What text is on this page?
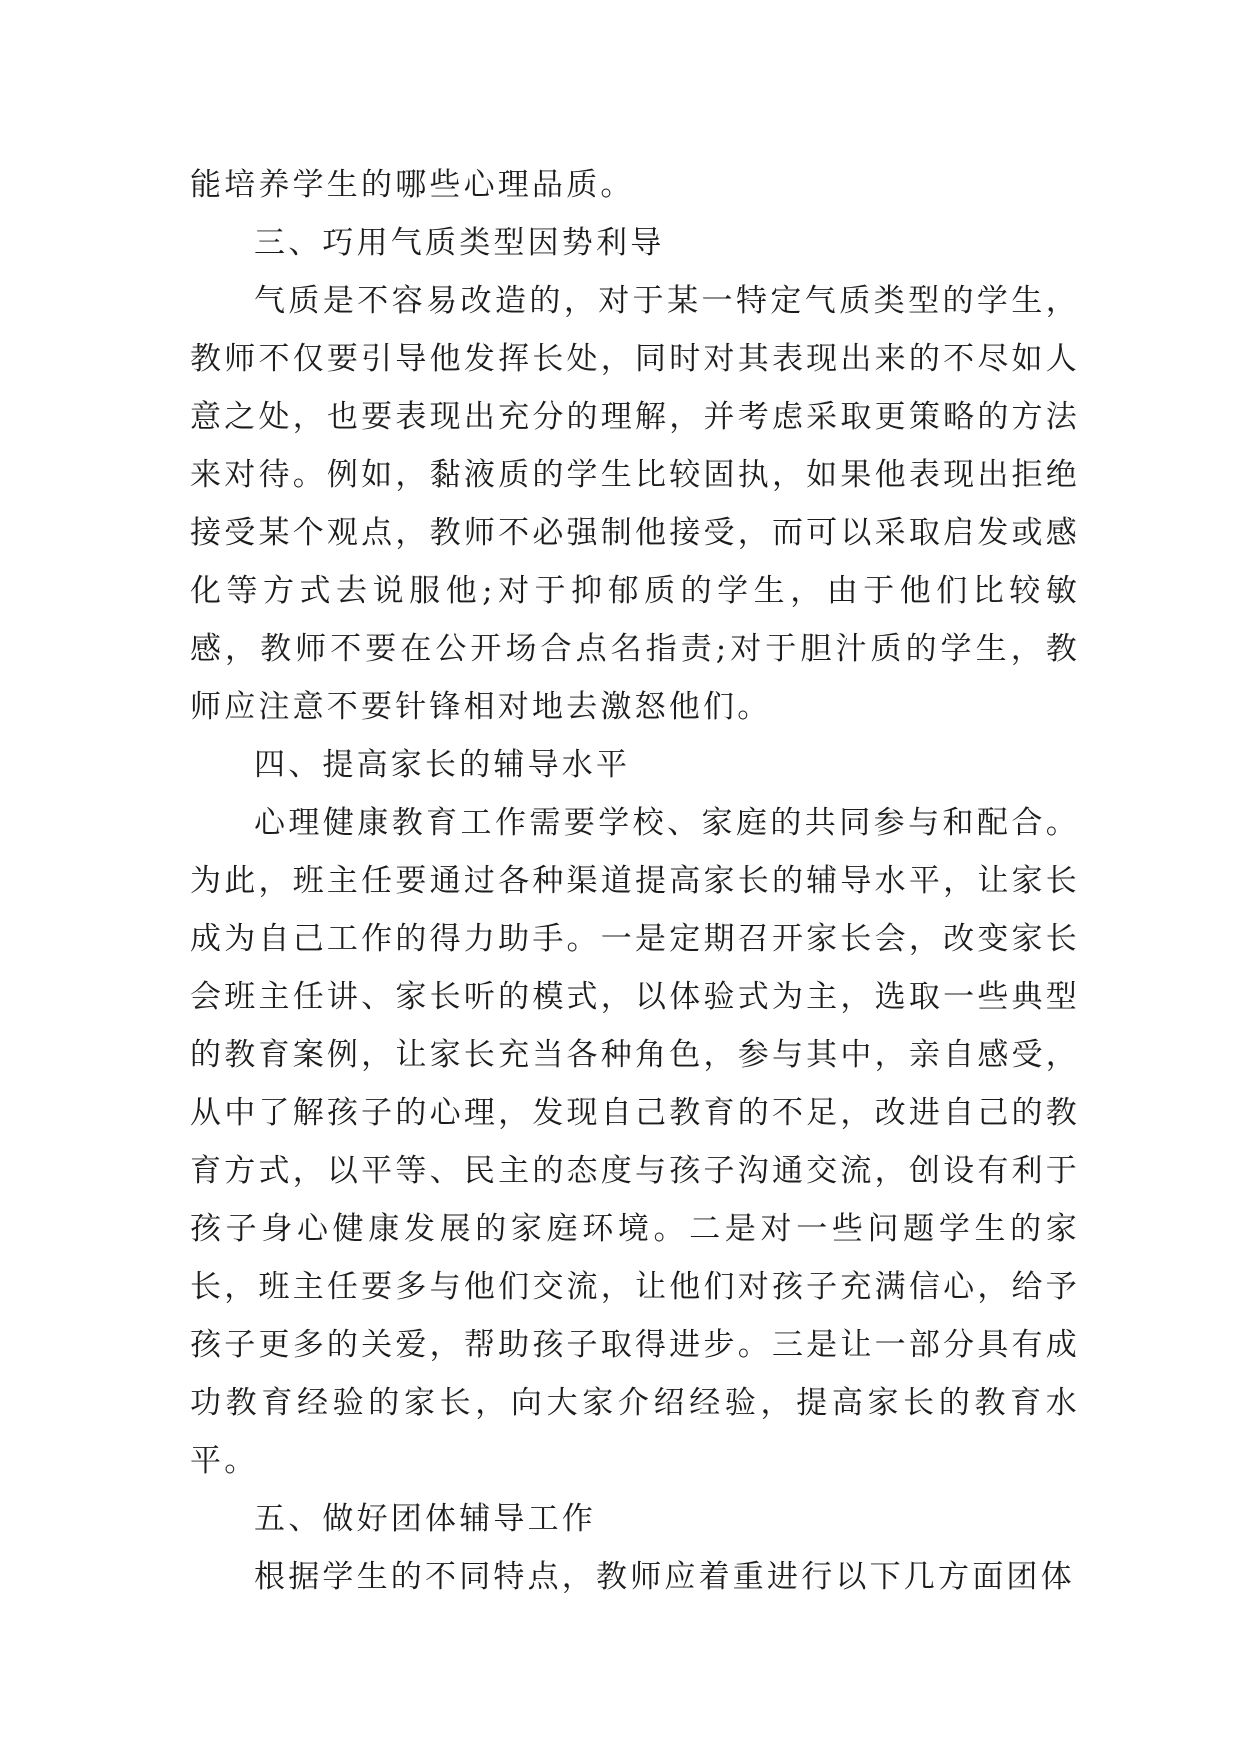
能培养学生的哪些心理品质。

三、巧用气质类型因势利导

气质是不容易改造的，对于某一特定气质类型的学生，教师不仅要引导他发挥长处，同时对其表现出来的不尽如人意之处，也要表现出充分的理解，并考虑采取更策略的方法来对待。例如，黏液质的学生比较固执，如果他表现出拒绝接受某个观点，教师不必强制他接受，而可以采取启发或感化等方式去说服他;对于抑郁质的学生，由于他们比较敏感，教师不要在公开场合点名指责;对于胆汁质的学生，教师应注意不要针锋相对地去激怒他们。

四、提高家长的辅导水平

心理健康教育工作需要学校、家庭的共同参与和配合。为此，班主任要通过各种渠道提高家长的辅导水平，让家长成为自己工作的得力助手。一是定期召开家长会，改变家长会班主任讲、家长听的模式，以体验式为主，选取一些典型的教育案例，让家长充当各种角色，参与其中，亲自感受，从中了解孩子的心理，发现自己教育的不足，改进自己的教育方式，以平等、民主的态度与孩子沟通交流，创设有利于孩子身心健康发展的家庭环境。二是对一些问题学生的家长，班主任要多与他们交流，让他们对孩子充满信心，给予孩子更多的关爱，帮助孩子取得进步。三是让一部分具有成功教育经验的家长，向大家介绍经验，提高家长的教育水平。

五、做好团体辅导工作

根据学生的不同特点，教师应着重进行以下几方面团体
